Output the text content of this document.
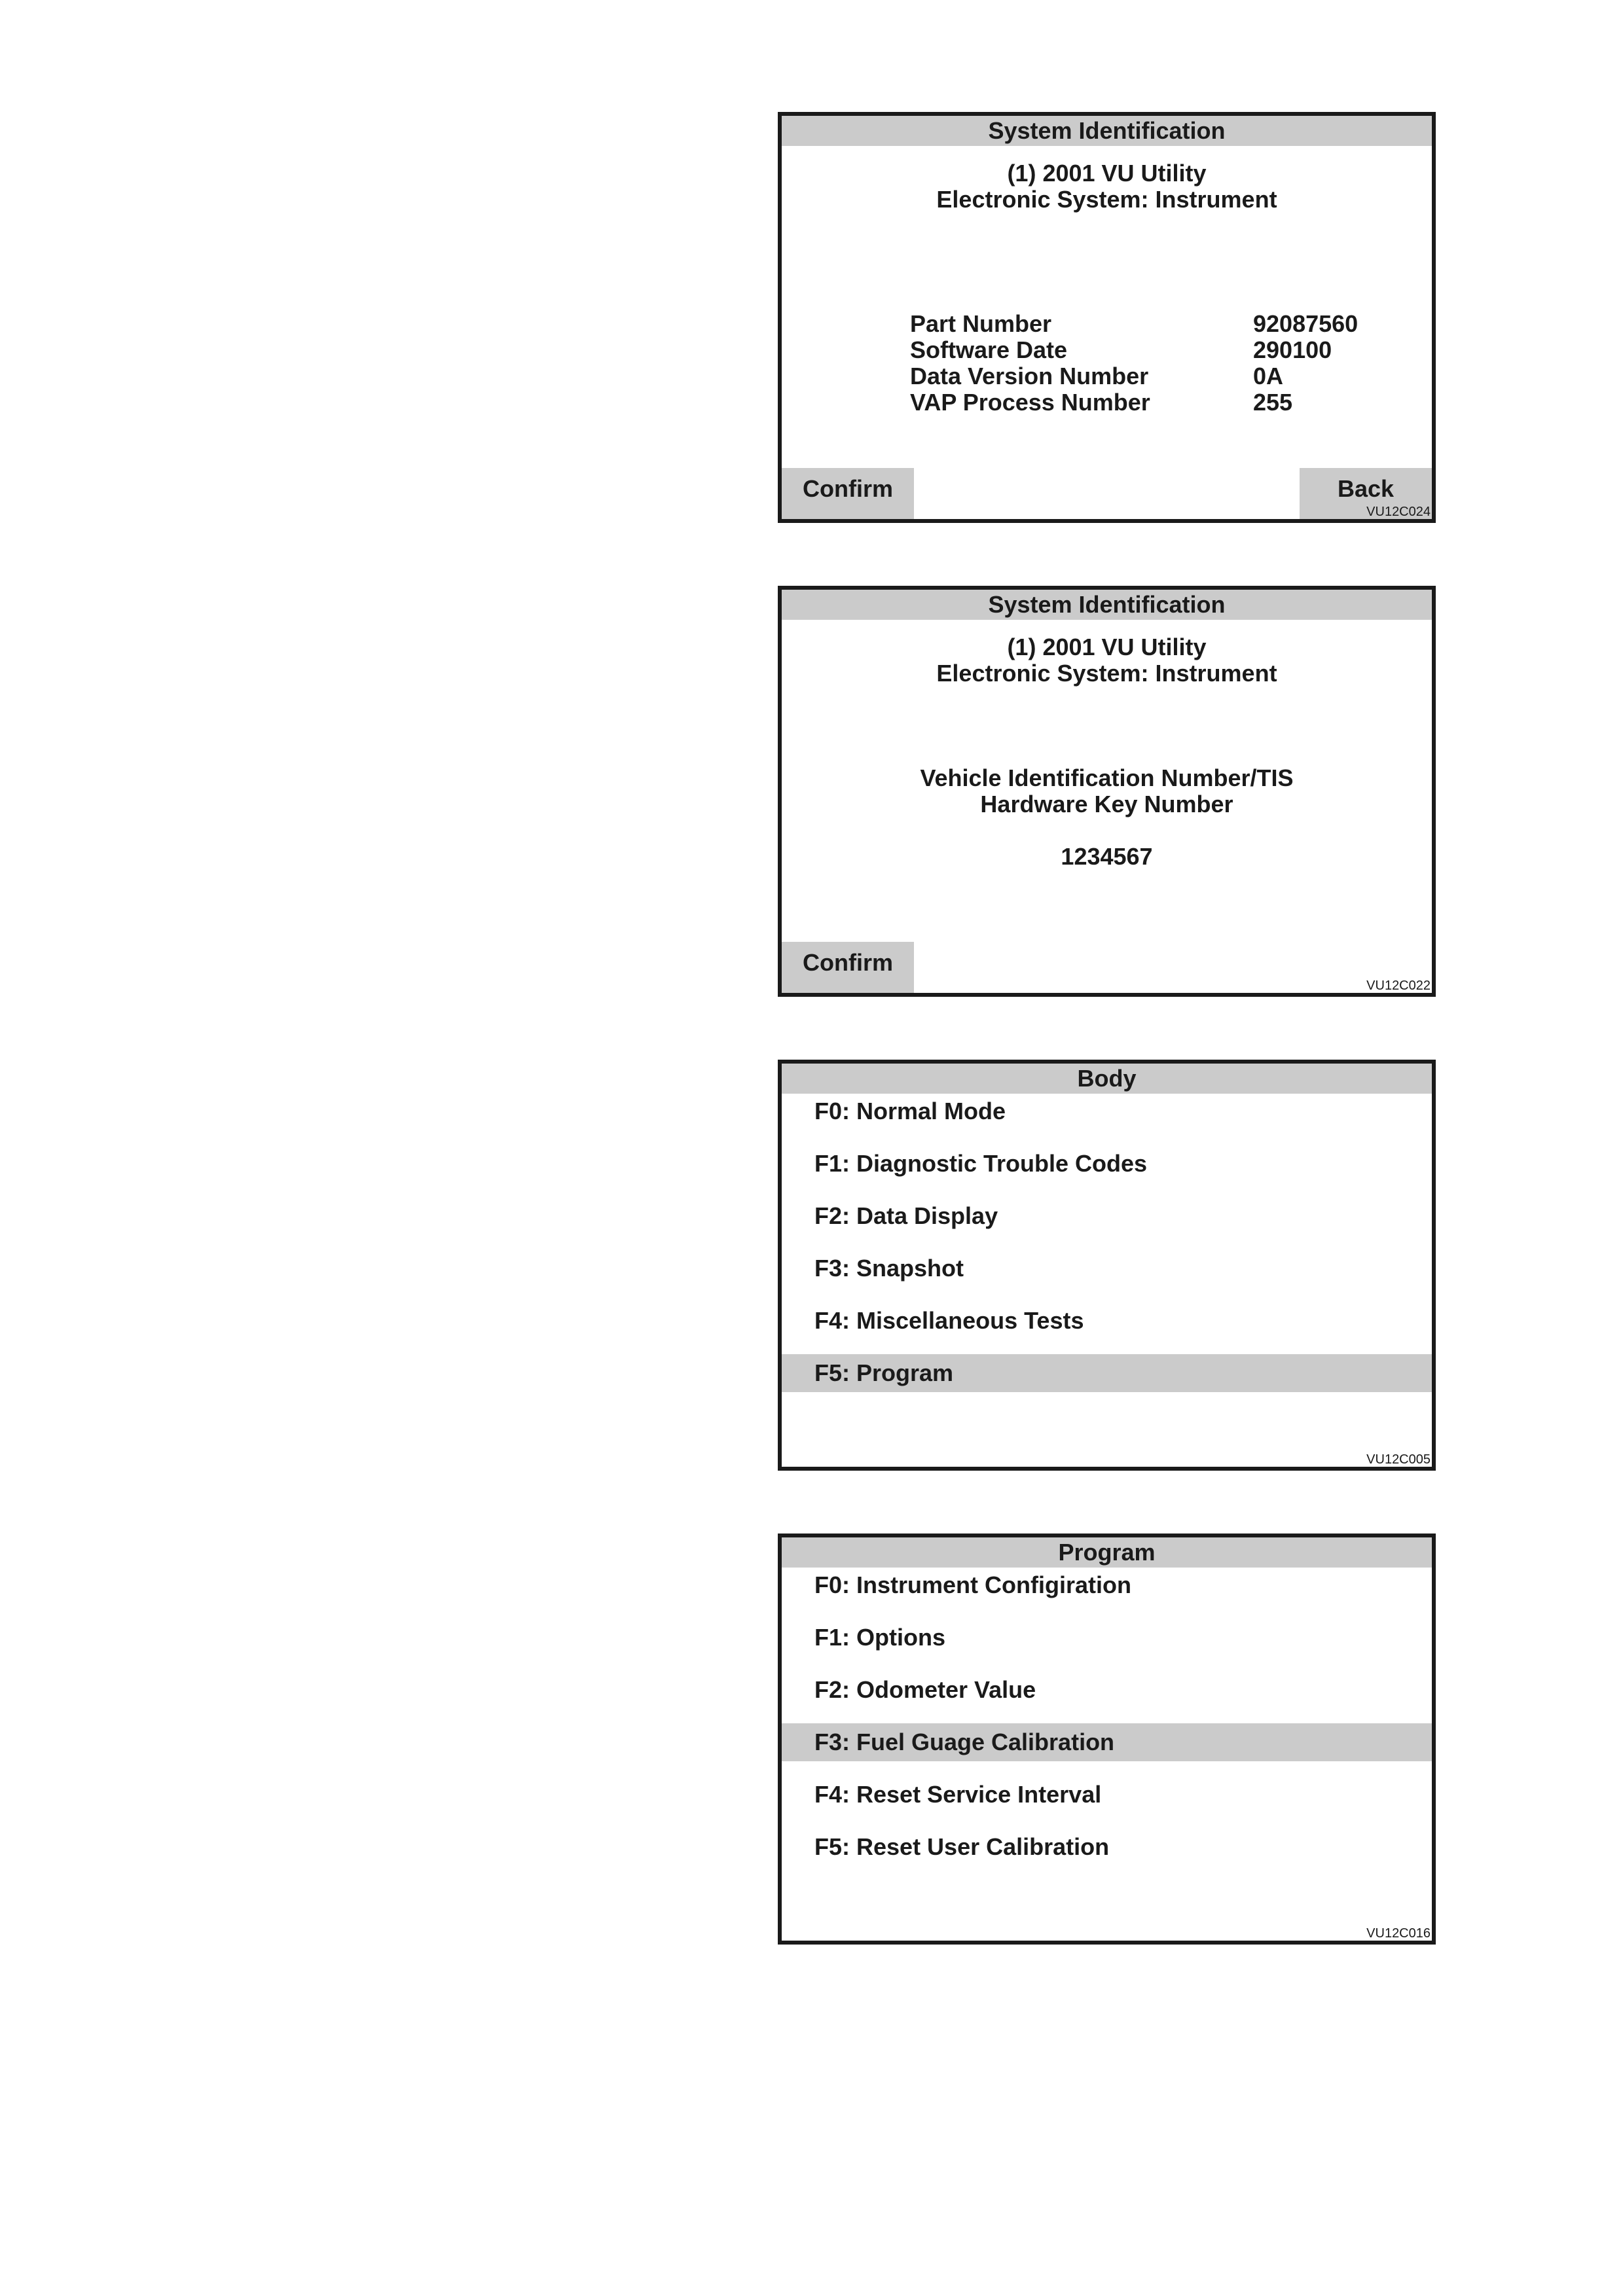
System Identification
(1) 2001 VU Utility
Electronic System: Instrument
Part Number	92087560
Software Date	290100
Data Version Number	0A
VAP Process Number	255
Confirm	Back
VU12C024
System Identification
(1) 2001 VU Utility
Electronic System: Instrument
Vehicle Identification Number/TIS
Hardware Key Number
1234567
Confirm
VU12C022
Body
F0: Normal Mode
F1: Diagnostic Trouble Codes
F2: Data Display
F3: Snapshot
F4: Miscellaneous Tests
F5: Program
VU12C005
Program
F0: Instrument Configiration
F1: Options
F2: Odometer Value
F3: Fuel Guage Calibration
F4: Reset Service Interval
F5: Reset User Calibration
VU12C016
